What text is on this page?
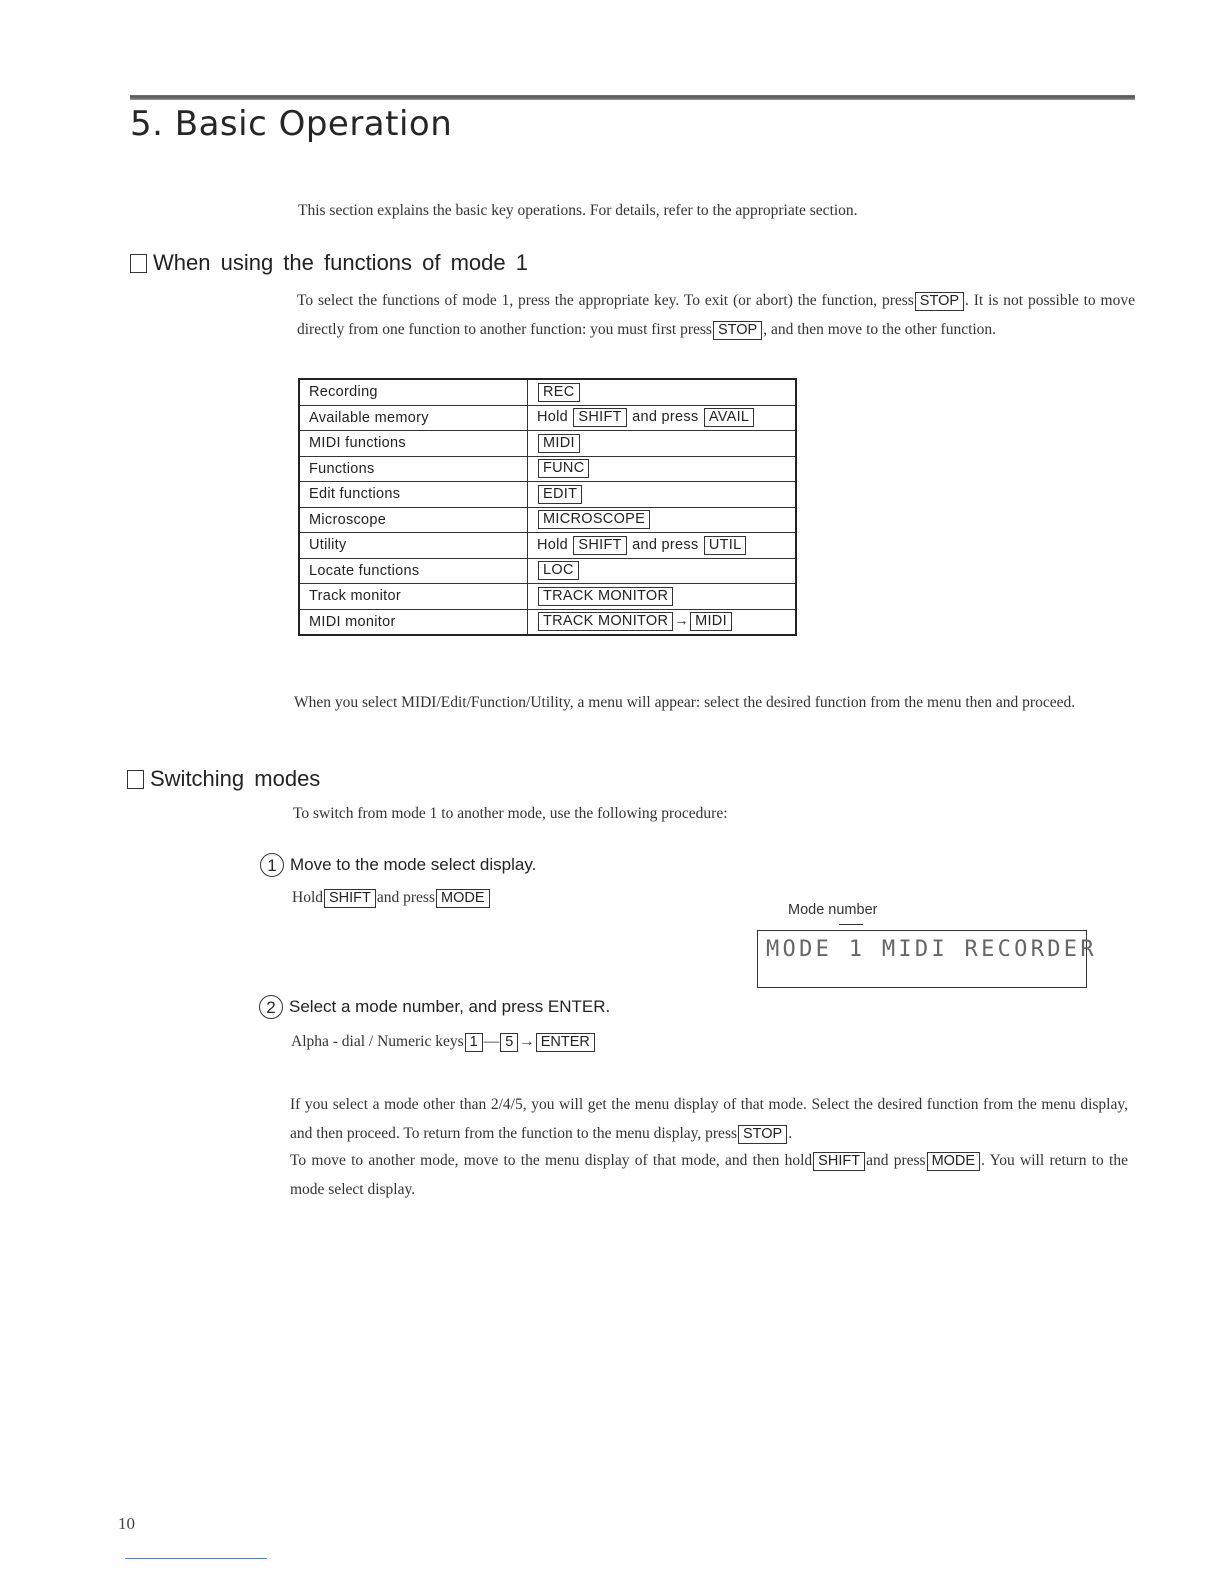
5. Basic Operation
This section explains the basic key operations. For details, refer to the appropriate section.
When using the functions of mode 1
To select the functions of mode 1, press the appropriate key. To exit (or abort) the function, press STOP . It is not possible to move directly from one function to another function: you must first press STOP , and then move to the other function.
Recording	REC
Available memory	Hold SHIFT and press AVAIL
MIDI functions	MIDI
Functions	FUNC
Edit functions	EDIT
Microscope	MICROSCOPE
Utility	Hold SHIFT and press UTIL
Locate functions	LOC
Track monitor	TRACK MONITOR
MIDI monitor	TRACK MONITOR → MIDI
When you select MIDI/Edit/Function/Utility, a menu will appear: select the desired function from the menu then and proceed.
Switching modes
To switch from mode 1 to another mode, use the following procedure:
1 Move to the mode select display.
Hold SHIFT and press MODE
Mode number
MODE 1 MIDI RECORDER
2 Select a mode number, and press ENTER.
Alpha - dial / Numeric keys 1 — 5 → ENTER
If you select a mode other than 2/4/5, you will get the menu display of that mode. Select the desired function from the menu display, and then proceed. To return from the function to the menu display, press STOP .
To move to another mode, move to the menu display of that mode, and then hold SHIFT and press MODE . You will return to the mode select display.
10
